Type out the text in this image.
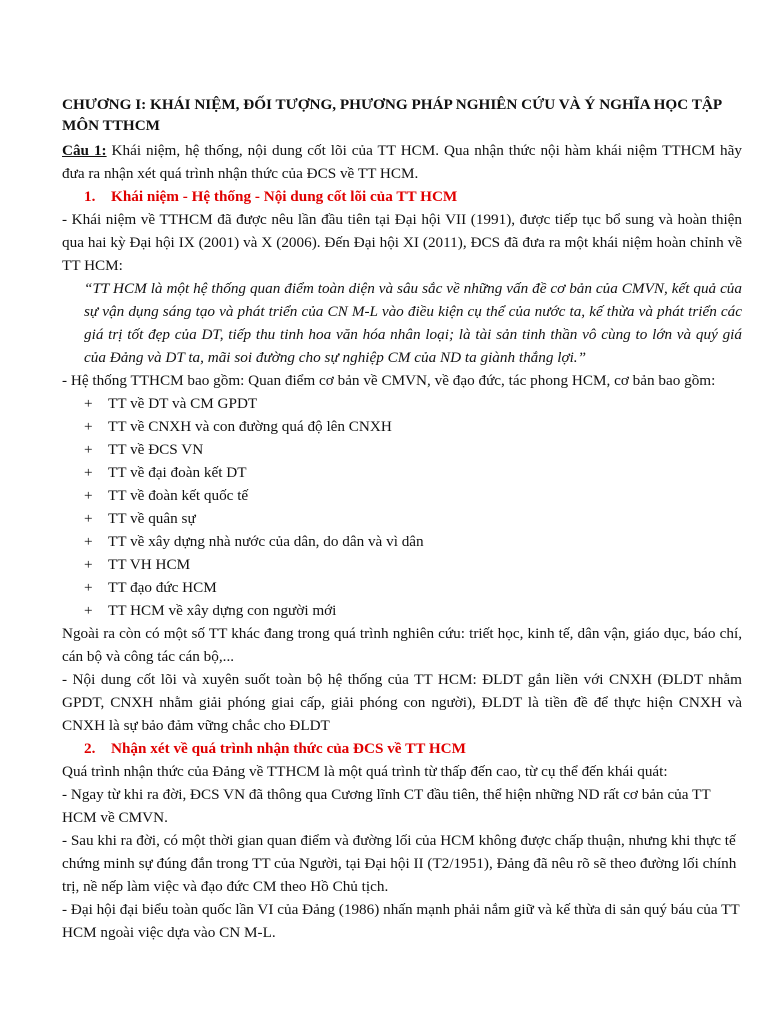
CHƯƠNG I: KHÁI NIỆM, ĐỐI TƯỢNG, PHƯƠNG PHÁP NGHIÊN CỨU VÀ Ý NGHĨA HỌC TẬP MÔN TTHCM

Câu 1: Khái niệm, hệ thống, nội dung cốt lõi của TT HCM. Qua nhận thức nội hàm khái niệm TTHCM hãy đưa ra nhận xét quá trình nhận thức của ĐCS về TT HCM.

1. Khái niệm - Hệ thống - Nội dung cốt lõi của TT HCM

- Khái niệm về TTHCM đã được nêu lần đầu tiên tại Đại hội VII (1991), được tiếp tục bổ sung và hoàn thiện qua hai kỳ Đại hội IX (2001) và X (2006). Đến Đại hội XI (2011), ĐCS đã đưa ra một khái niệm hoàn chỉnh về TT HCM:

“TT HCM là một hệ thống quan điểm toàn diện và sâu sắc về những vấn đề cơ bản của CMVN, kết quả của sự vận dụng sáng tạo và phát triển của CN M-L vào điều kiện cụ thể của nước ta, kế thừa và phát triển các giá trị tốt đẹp của DT, tiếp thu tinh hoa văn hóa nhân loại; là tài sản tinh thần vô cùng to lớn và quý giá của Đảng và DT ta, mãi soi đường cho sự nghiệp CM của ND ta giành thắng lợi.”

- Hệ thống TTHCM bao gồm: Quan điểm cơ bản về CMVN, về đạo đức, tác phong HCM, cơ bản bao gồm:

+ TT về DT và CM GPDT
+ TT về CNXH và con đường quá độ lên CNXH
+ TT về ĐCS VN
+ TT về đại đoàn kết DT
+ TT về đoàn kết quốc tế
+ TT về quân sự
+ TT về xây dựng nhà nước của dân, do dân và vì dân
+ TT VH HCM
+ TT đạo đức HCM
+ TT HCM về xây dựng con người mới

Ngoài ra còn có một số TT khác đang trong quá trình nghiên cứu: triết học, kinh tế, dân vận, giáo dục, báo chí, cán bộ và công tác cán bộ,...

- Nội dung cốt lõi và xuyên suốt toàn bộ hệ thống của TT HCM: ĐLDT gắn liền với CNXH (ĐLDT nhằm GPDT, CNXH nhằm giải phóng giai cấp, giải phóng con người), ĐLDT là tiền đề để thực hiện CNXH và CNXH là sự bảo đảm vững chắc cho ĐLDT

2. Nhận xét về quá trình nhận thức của ĐCS về TT HCM

Quá trình nhận thức của Đảng về TTHCM là một quá trình từ thấp đến cao, từ cụ thể đến khái quát:

- Ngay từ khi ra đời, ĐCS VN đã thông qua Cương lĩnh CT đầu tiên, thể hiện những ND rất cơ bản của TT HCM về CMVN.

- Sau khi ra đời, có một thời gian quan điểm và đường lối của HCM không được chấp thuận, nhưng khi thực tế chứng minh sự đúng đắn trong TT của Người, tại Đại hội II (T2/1951), Đảng đã nêu rõ sẽ theo đường lối chính trị, nề nếp làm việc và đạo đức CM theo Hồ Chủ tịch.

- Đại hội đại biểu toàn quốc lần VI của Đảng (1986) nhấn mạnh phải nắm giữ và kế thừa di sản quý báu của TT HCM ngoài việc dựa vào CN M-L.
